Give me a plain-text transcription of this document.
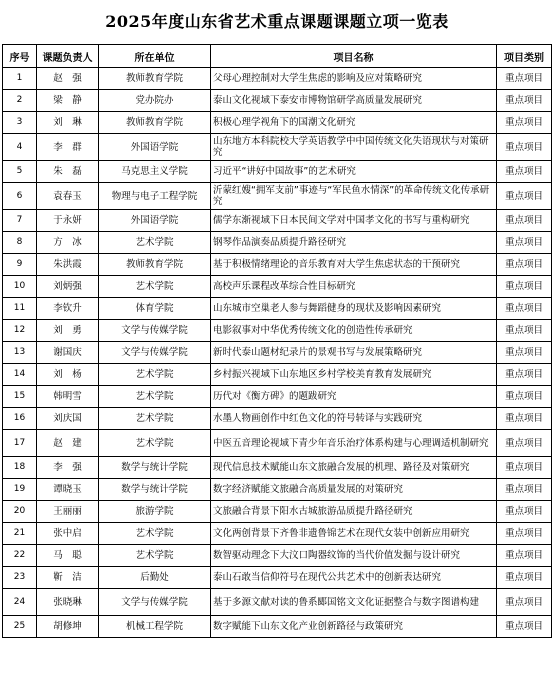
2025年度山东省艺术重点课题课题立项一览表
序号	课题负责人	所在单位	项目名称	项目类别
1	赵　强	教师教育学院	父母心理控制对大学生焦虑的影响及应对策略研究	重点项目
2	梁　静	党办院办	泰山文化视域下泰安市博物馆研学高质量发展研究	重点项目
3	刘　琳	教师教育学院	积极心理学视角下的国潮文化研究	重点项目
4	李　群	外国语学院	山东地方本科院校大学英语教学中中国传统文化失语现状与对策研究	重点项目
5	朱　磊	马克思主义学院	习近平“讲好中国故事”的艺术研究	重点项目
6	袁春玉	物理与电子工程学院	沂蒙红嫂“拥军支前”事迹与“军民鱼水情深”的革命传统文化传承研究	重点项目
7	于永妍	外国语学院	儒学东渐视域下日本民间文学对中国孝文化的书写与重构研究	重点项目
8	方　冰	艺术学院	钢琴作品演奏品质提升路径研究	重点项目
9	朱洪霞	教师教育学院	基于积极情绪理论的音乐教育对大学生焦虑状态的干预研究	重点项目
10	刘炳强	艺术学院	高校声乐课程改革综合性目标研究	重点项目
11	李钦升	体育学院	山东城市空巢老人参与舞蹈健身的现状及影响因素研究	重点项目
12	刘　勇	文学与传媒学院	电影叙事对中华优秀传统文化的创造性传承研究	重点项目
13	谢国庆	文学与传媒学院	新时代泰山题材纪录片的景观书写与发展策略研究	重点项目
14	刘　杨	艺术学院	乡村振兴视域下山东地区乡村学校美育教育发展研究	重点项目
15	韩明雪	艺术学院	历代对《衡方碑》的题跋研究	重点项目
16	刘庆国	艺术学院	水墨人物画创作中红色文化的符号转译与实践研究	重点项目
17	赵　建	艺术学院	中医五音理论视域下青少年音乐治疗体系构建与心理调适机制研究	重点项目
18	李　强	数学与统计学院	现代信息技术赋能山东文旅融合发展的机理、路径及对策研究	重点项目
19	谭晓玉	数学与统计学院	数字经济赋能文旅融合高质量发展的对策研究	重点项目
20	王丽丽	旅游学院	文旅融合背景下阳水古城旅游品质提升路径研究	重点项目
21	张中启	艺术学院	文化两创背景下齐鲁非遗鲁锦艺术在现代女装中创新应用研究	重点项目
22	马　聪	艺术学院	数智驱动理念下大汶口陶器纹饰的当代价值发掘与设计研究	重点项目
23	靳　洁	后勤处	泰山石敢当信仰符号在现代公共艺术中的创新表达研究	重点项目
24	张晓琳	文学与传媒学院	基于多源文献对读的鲁系郾国铭文文化证据整合与数字图谱构建	重点项目
25	胡修坤	机械工程学院	数字赋能下山东文化产业创新路径与政策研究	重点项目
